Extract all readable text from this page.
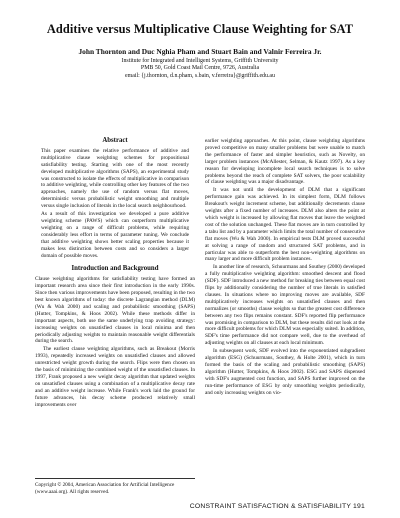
Additive versus Multiplicative Clause Weighting for SAT
John Thornton and Duc Nghia Pham and Stuart Bain and Valnir Ferreira Jr.
Institute for Integrated and Intelligent Systems, Griffith University
PMB 50, Gold Coast Mail Centre, 9726, Australia
email: {j.thornton, d.n.pham, s.bain, v.ferreira}@griffith.edu.au
Abstract

This paper examines the relative performance of additive and multiplicative clause weighting schemes for propositional satisfiability testing. Starting with one of the most recently developed multiplicative algorithms (SAPS), an experimental study was constructed to isolate the effects of multiplicative in comparison to additive weighting, while controlling other key features of the two approaches, namely the use of random versus flat moves, deterministic versus probabilistic weight smoothing and multiple versus single inclusion of literals in the local search neighbourhood.

As a result of this investigation we developed a pure additive weighting scheme (PAWS) which can outperform multiplicative weighting on a range of difficult problems, while requiring considerably less effort in terms of parameter tuning. We conclude that additive weighting shows better scaling properties because it makes less distinction between costs and so considers a larger domain of possible moves.

Introduction and Background

Clause weighting algorithms for satisfiability testing have formed an important research area since their first introduction in the early 1990s. Since then various improvements have been proposed, resulting in the two best known algorithms of today: the discrete Lagrangian method (DLM) (Wu & Wah 2000) and scaling and probabilistic smoothing (SAPS) (Hutter, Tompkins, & Hoos 2002). While these methods differ in important aspects, both use the same underlying trap avoiding strategy: increasing weights on unsatisfied clauses in local minima and then periodically adjusting weights to maintain reasonable weight differentials during the search.

The earliest clause weighting algorithms, such as Breakout (Morris 1993), repeatedly increased weights on unsatisfied clauses and allowed unrestricted weight growth during the search. Flips were then chosen on the basis of minimizing the combined weight of the unsatisfied clauses. In 1997, Frank proposed a new weight decay algorithm that updated weights on unsatisfied clauses using a combination of a multiplicative decay rate and an additive weight increase. While Frank's work laid the ground for future advances, his decay scheme produced relatively small improvements over

earlier weighting approaches. At this point, clause weighting algorithms proved competitive on many smaller problems but were unable to match the performance of faster and simpler heuristics, such as Novelty, on larger problem instances (McAllester, Selman, & Kautz 1997). As a key reason for developing incomplete local search techniques is to solve problems beyond the reach of complete SAT solvers, the poor scalability of clause weighting was a major disadvantage.

It was not until the development of DLM that a significant performance gain was achieved. In its simplest form, DLM follows Breakout's weight increment scheme, but additionally decrements clause weights after a fixed number of increases. DLM also alters the point at which weight is increased by allowing flat moves that leave the weighted cost of the solution unchanged. These flat moves are in turn controlled by a tabu list and by a parameter which limits the total number of consecutive flat moves (Wu & Wah 2000). In empirical tests DLM proved successful at solving a range of random and structured SAT problems, and in particular was able to outperform the best non-weighting algorithms on many larger and more difficult problem instances.

In another line of research, Schuurmans and Southey (2000) developed a fully multiplicative weighting algorithm: smoothed descent and flood (SDF). SDF introduced a new method for breaking ties between equal cost flips by additionally considering the number of true literals in satisfied clauses. In situations where no improving moves are available, SDF multiplicatively increases weights on unsatisfied clauses and then normalizes (or smooths) clause weights so that the greatest cost difference between any two flips remains constant. SDF's reported flip performance was promising in comparison to DLM, but these results did not look at the more difficult problems for which DLM was especially suited. In addition, SDF's time performance did not compare well, due to the overhead of adjusting weights on all clauses at each local minimum.

In subsequent work, SDF evolved into the exponentiated subgradient algorithm (ESG) (Schuurmans, Southey, & Holte 2001), which in turn formed the basis of the scaling and probabilistic smoothing (SAPS) algorithm (Hutter, Tompkins, & Hoos 2002). ESG and SAPS dispensed with SDF's augmented cost function, and SAPS further improved on the run-time performance of ESG by only smoothing weights periodically, and only increasing weights on vio-

Copyright © 2004, American Association for Artificial Intelligence (www.aaai.org). All rights reserved.
CONSTRAINT SATISFACTION & SATISFIABILITY 191
